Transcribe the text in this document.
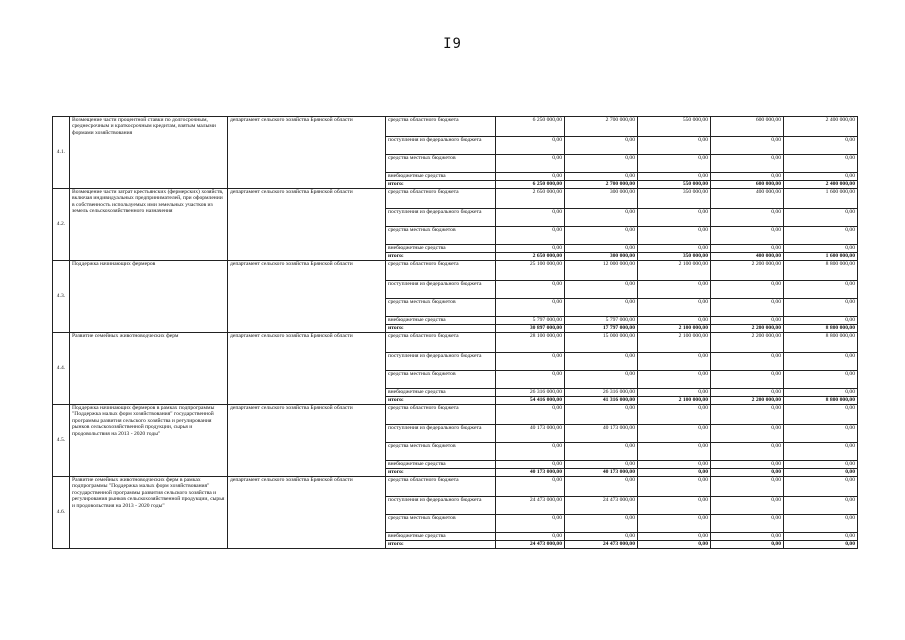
I9
4.1.	Возмещение части процентной ставки по долгосрочным, среднесрочным и краткосрочным кредитам, взятым малыми формами хозяйствования	департамент сельского хозяйства Брянской области	средства областного бюджета	6 250 000,00	2 700 000,00	550 000,00	600 000,00	2 400 000,00
			поступления из федерального бюджета	0,00	0,00	0,00	0,00	0,00
			средства местных бюджетов	0,00	0,00	0,00	0,00	0,00
			внебюджетные средства	0,00	0,00	0,00	0,00	0,00
			итого:	6 250 000,00	2 700 000,00	550 000,00	600 000,00	2 400 000,00
4.2.	Возмещение части затрат крестьянских (фермерских) хозяйств, включая индивидуальных предпринимателей, при оформлении в собственность используемых ими земельных участков из земель сельскохозяйственного назначения	департамент сельского хозяйства Брянской области	средства областного бюджета	2 650 000,00	300 000,00	350 000,00	400 000,00	1 600 000,00
			поступления из федерального бюджета	0,00	0,00	0,00	0,00	0,00
			средства местных бюджетов	0,00	0,00	0,00	0,00	0,00
			внебюджетные средства	0,00	0,00	0,00	0,00	0,00
			итого:	2 650 000,00	300 000,00	350 000,00	400 000,00	1 600 000,00
4.3.	Поддержка начинающих фермеров	департамент сельского хозяйства Брянской области	средства областного бюджета	25 100 000,00	12 000 000,00	2 100 000,00	2 200 000,00	8 800 000,00
			поступления из федерального бюджета	0,00	0,00	0,00	0,00	0,00
			средства местных бюджетов	0,00	0,00	0,00	0,00	0,00
			внебюджетные средства	5 797 000,00	5 797 000,00	0,00	0,00	0,00
			итого:	30 897 000,00	17 797 000,00	2 100 000,00	2 200 000,00	8 800 000,00
4.4.	Развитие семейных животноводческих ферм	департамент сельского хозяйства Брянской области	средства областного бюджета	28 100 000,00	15 000 000,00	2 100 000,00	2 200 000,00	8 800 000,00
			поступления из федерального бюджета	0,00	0,00	0,00	0,00	0,00
			средства местных бюджетов	0,00	0,00	0,00	0,00	0,00
			внебюджетные средства	26 316 000,00	26 316 000,00	0,00	0,00	0,00
			итого:	54 416 000,00	41 316 000,00	2 100 000,00	2 200 000,00	8 800 000,00
4.5.	Поддержка начинающих фермеров в рамках подпрограммы "Поддержка малых форм хозяйствования" государственной программы развития сельского хозяйства и регулирования рынков сельскохозяйственной продукции, сырья и продовольствия на 2013 - 2020 годы"	департамент сельского хозяйства Брянской области	средства областного бюджета	0,00	0,00	0,00	0,00	0,00
			поступления из федерального бюджета	40 173 000,00	40 173 000,00	0,00	0,00	0,00
			средства местных бюджетов	0,00	0,00	0,00	0,00	0,00
			внебюджетные средства	0,00	0,00	0,00	0,00	0,00
			итого:	40 173 000,00	40 173 000,00	0,00	0,00	0,00
4.6.	Развитие семейных животноводческих ферм в рамках подпрограммы "Поддержка малых форм хозяйствования" государственной программы развития сельского хозяйства и регулирования рынков сельскохозяйственной продукции, сырья и продовольствия на 2013 - 2020 годы"	департамент сельского хозяйства Брянской области	средства областного бюджета	0,00	0,00	0,00	0,00	0,00
			поступления из федерального бюджета	24 473 000,00	24 473 000,00	0,00	0,00	0,00
			средства местных бюджетов	0,00	0,00	0,00	0,00	0,00
			внебюджетные средства	0,00	0,00	0,00	0,00	0,00
			итого:	24 473 000,00	24 473 000,00	0,00	0,00	0,00
